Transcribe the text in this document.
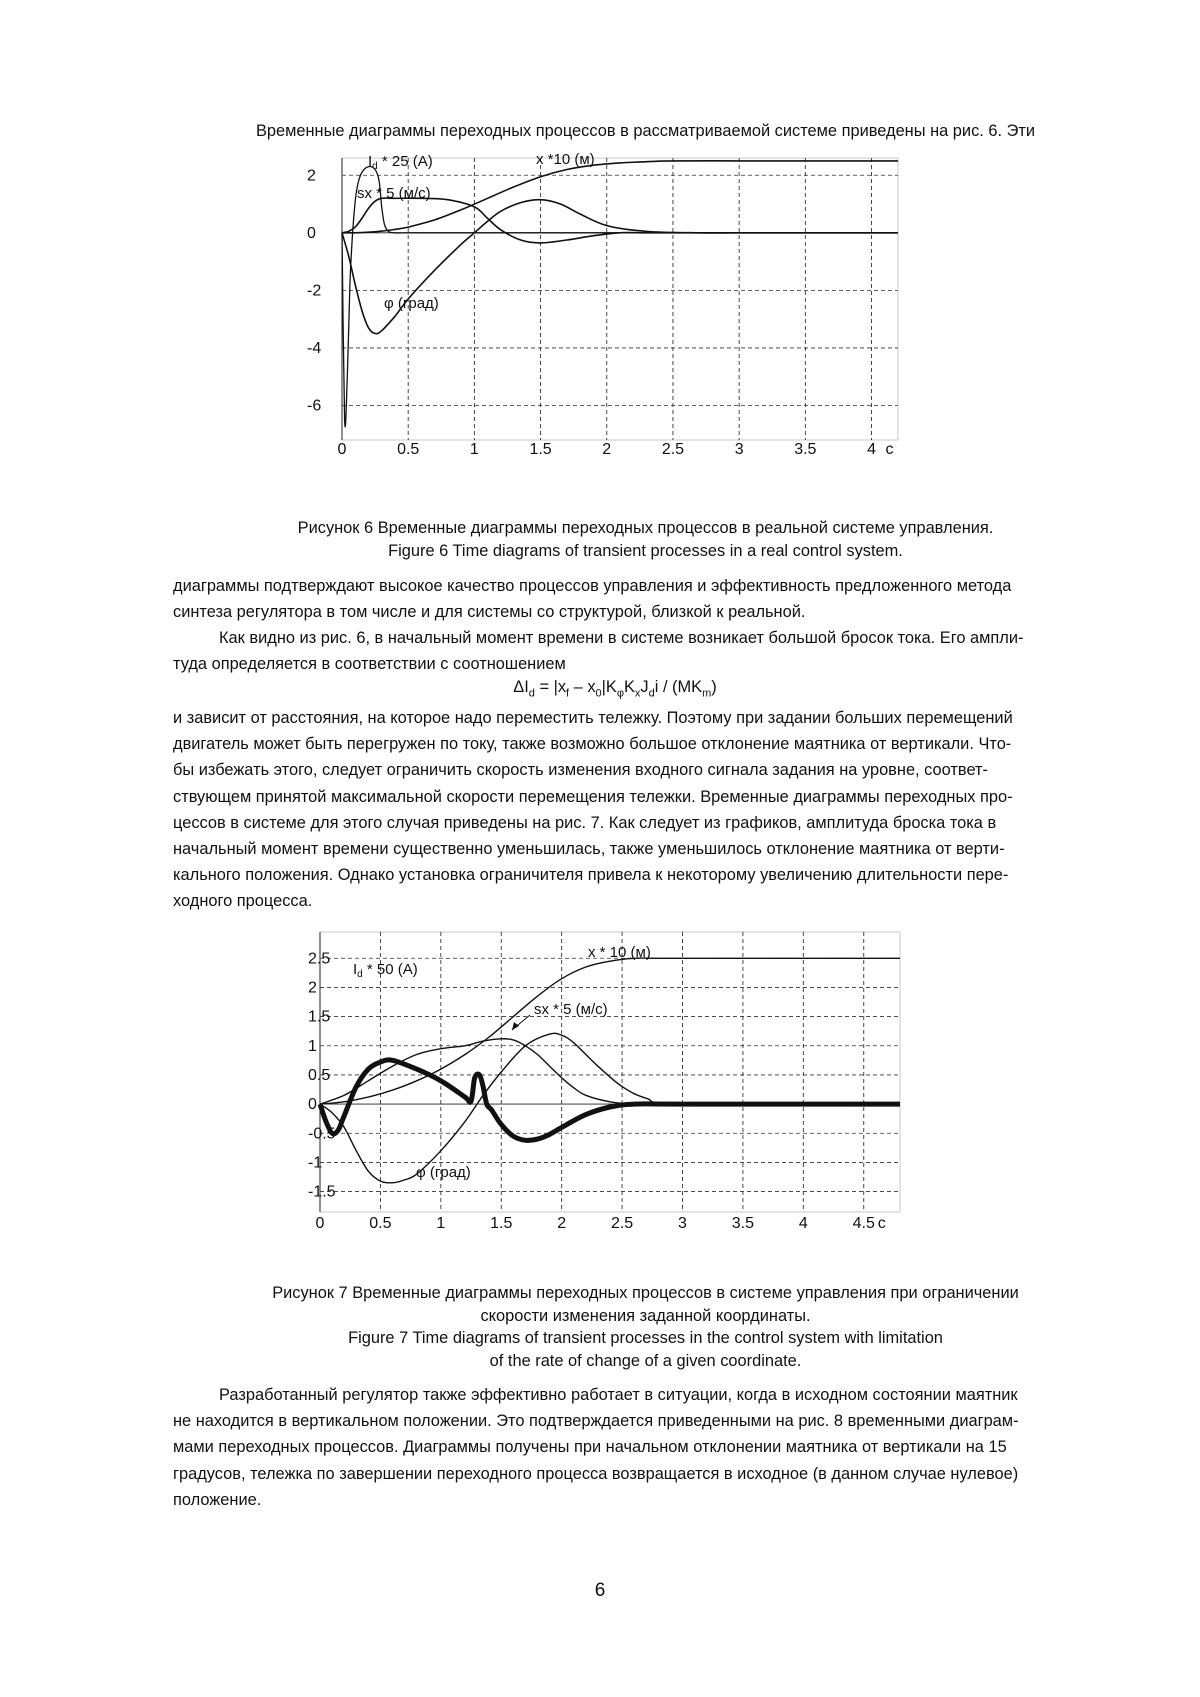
Временные диаграммы переходных процессов в рассматриваемой системе приведены на рис. 6. Эти

0	0.5	1	1.5	2	2.5	3	3.5	4 с
2
0
-2
-4
-6
$I_d * 25$ (A)	x *10 (м)
sx * 5 (м/с)
φ (град)
Рисунок 6 Временные диаграммы переходных процессов в реальной системе управления.
Figure 6 Time diagrams of transient processes in a real control system.
диаграммы подтверждают высокое качество процессов управления и эффективность предложенного метода
синтеза регулятора в том числе и для системы со структурой, близкой к реальной.
Как видно из рис. 6, в начальный момент времени в системе возникает большой бросок тока. Его ампли-
туда определяется в соответствии с соотношением
$\Delta I_d = |x_f - x_0|K_\varphi K_xJ_di / (MK_m)$
и зависит от расстояния, на которое надо переместить тележку. Поэтому при задании больших перемещений
двигатель может быть перегружен по току, также возможно большое отклонение маятника от вертикали. Что-
бы избежать этого, следует ограничить скорость изменения входного сигнала задания на уровне, соответ-
ствующем принятой максимальной скорости перемещения тележки. Временные диаграммы переходных про-
цессов в системе для этого случая приведены на рис. 7. Как следует из графиков, амплитуда броска тока в
начальный момент времени существенно уменьшилась, также уменьшилось отклонение маятника от верти-
кального положения. Однако установка ограничителя привела к некоторому увеличению длительности пере-
ходного процесса.
0	0.5	1	1.5	2	2.5	3	3.5	4	4.5 с
2.5
2
1.5
1
0.5
0
-0.5
-1
-1.5
$I_d * 50$ (A)
x * 10 (м)
sx * 5 (м/с)
φ (град)
Рисунок 7 Временные диаграммы переходных процессов в системе управления при ограничении
скорости изменения заданной координаты.
Figure 7 Time diagrams of transient processes in the control system with limitation
of the rate of change of a given coordinate.
Разработанный регулятор также эффективно работает в ситуации, когда в исходном состоянии маятник
не находится в вертикальном положении. Это подтверждается приведенными на рис. 8 временными диаграм-
мами переходных процессов. Диаграммы получены при начальном отклонении маятника от вертикали на 15
градусов, тележка по завершении переходного процесса возвращается в исходное (в данном случае нулевое)
положение.
6
